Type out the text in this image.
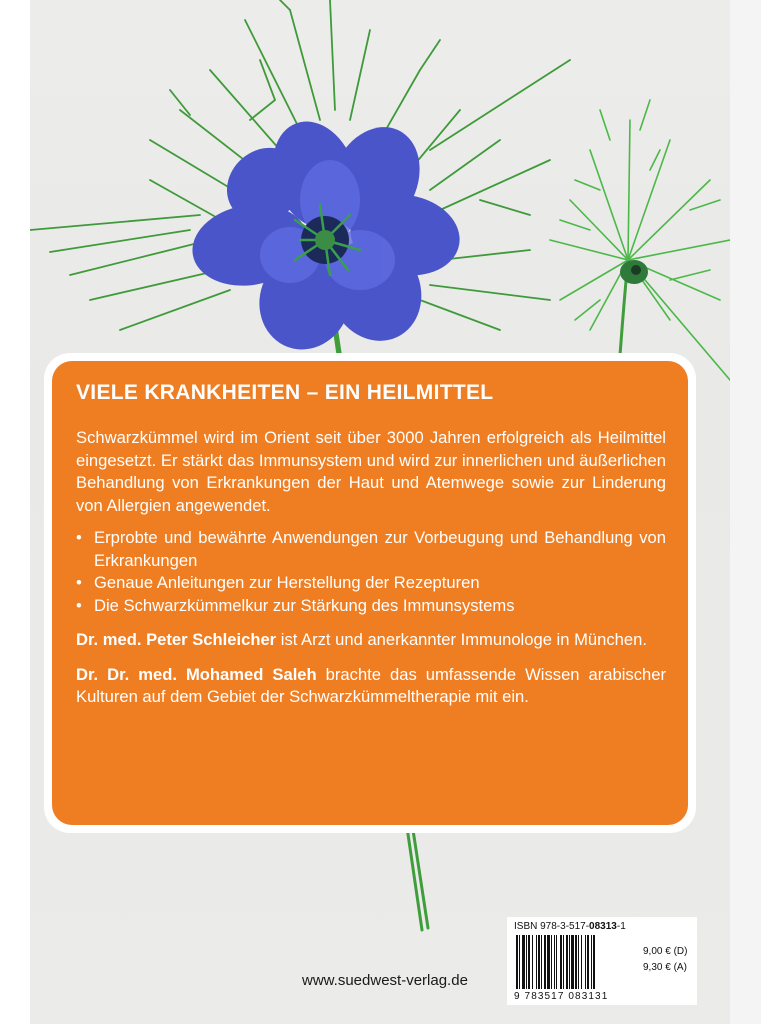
VIELE KRANKHEITEN – EIN HEILMITTEL

Schwarzkümmel wird im Orient seit über 3000 Jahren erfolgreich als Heilmittel eingesetzt. Er stärkt das Immunsystem und wird zur innerlichen und äußerlichen Behandlung von Erkrankungen der Haut und Atemwege sowie zur Linderung von Allergien angewendet.

• Erprobte und bewährte Anwendungen zur Vorbeugung und Behandlung von Erkrankungen
• Genaue Anleitungen zur Herstellung der Rezepturen
• Die Schwarzkümmelkur zur Stärkung des Immunsystems

Dr. med. Peter Schleicher ist Arzt und anerkannter Immunologe in München.

Dr. Dr. med. Mohamed Saleh brachte das umfassende Wissen arabischer Kulturen auf dem Gebiet der Schwarzkümmeltherapie mit ein.

www.suedwest-verlag.de
ISBN 978-3-517-08313-1
9 783517 083131
9,00 € (D)
9,30 € (A)
